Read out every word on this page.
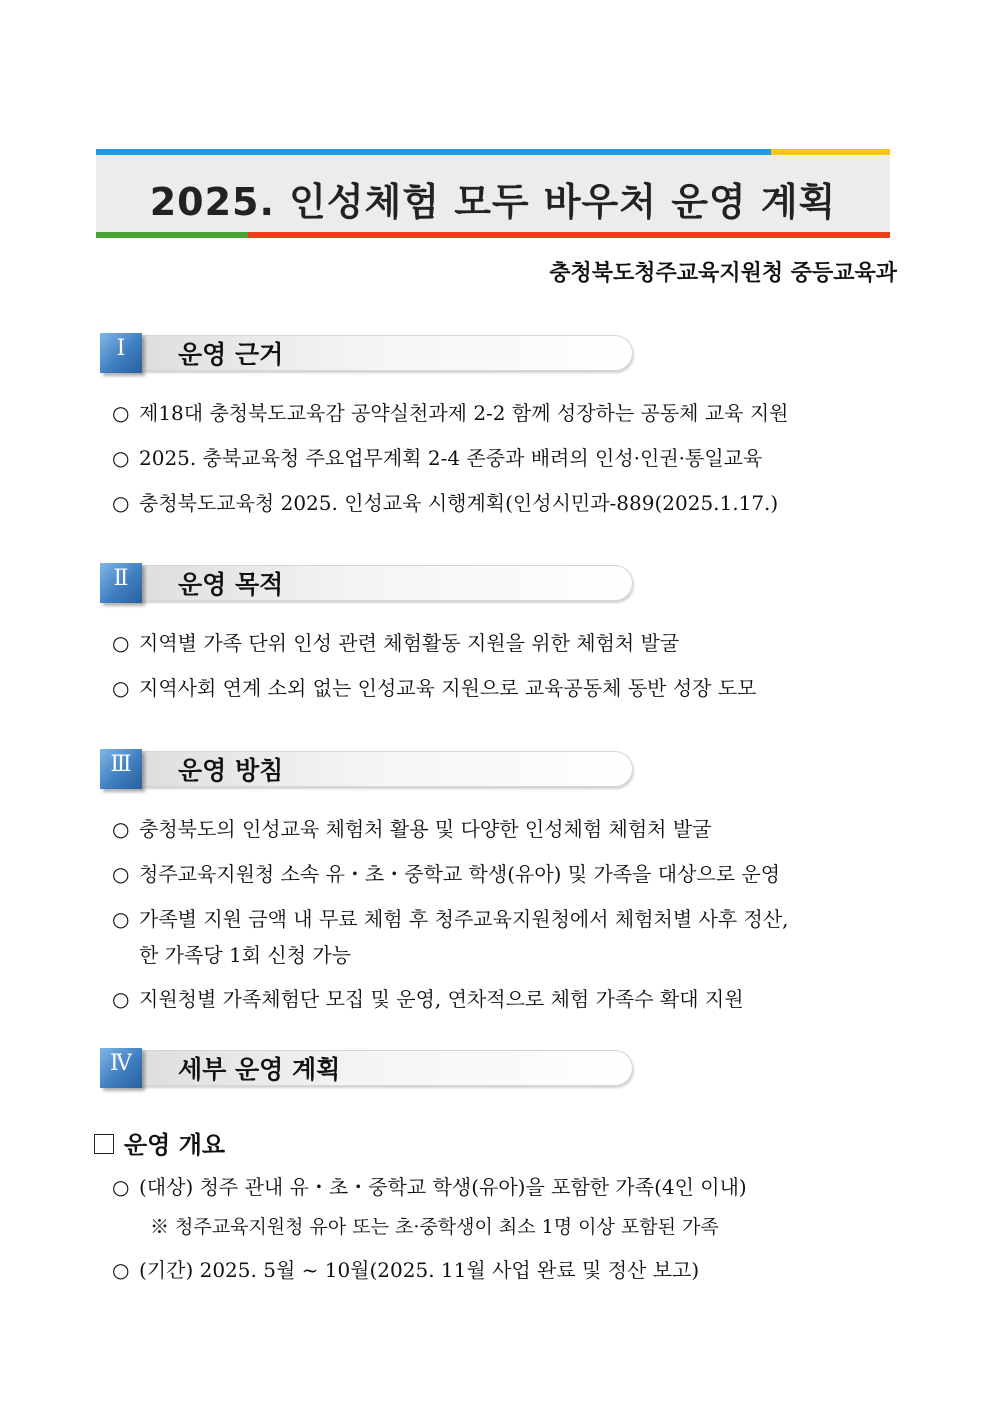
2025. 인성체험 모두 바우처 운영 계획
충청북도청주교육지원청 중등교육과
Ⅰ	운영 근거
○ 제18대 충청북도교육감 공약실천과제 2-2 함께 성장하는 공동체 교육 지원
○ 2025. 충북교육청 주요업무계획 2-4 존중과 배려의 인성·인권·통일교육
○ 충청북도교육청 2025. 인성교육 시행계획(인성시민과-889(2025.1.17.)
Ⅱ	운영 목적
○ 지역별 가족 단위 인성 관련 체험활동 지원을 위한 체험처 발굴
○ 지역사회 연계 소외 없는 인성교육 지원으로 교육공동체 동반 성장 도모
Ⅲ	운영 방침
○ 충청북도의 인성교육 체험처 활용 및 다양한 인성체험 체험처 발굴
○ 청주교육지원청 소속 유・초・중학교 학생(유아) 및 가족을 대상으로 운영
○ 가족별 지원 금액 내 무료 체험 후 청주교육지원청에서 체험처별 사후 정산,
한 가족당 1회 신청 가능
○ 지원청별 가족체험단 모집 및 운영, 연차적으로 체험 가족수 확대 지원
Ⅳ	세부 운영 계획
운영 개요
○ (대상) 청주 관내 유・초・중학교 학생(유아)을 포함한 가족(4인 이내)
※ 청주교육지원청 유아 또는 초·중학생이 최소 1명 이상 포함된 가족
○ (기간) 2025. 5월 ~ 10월(2025. 11월 사업 완료 및 정산 보고)
